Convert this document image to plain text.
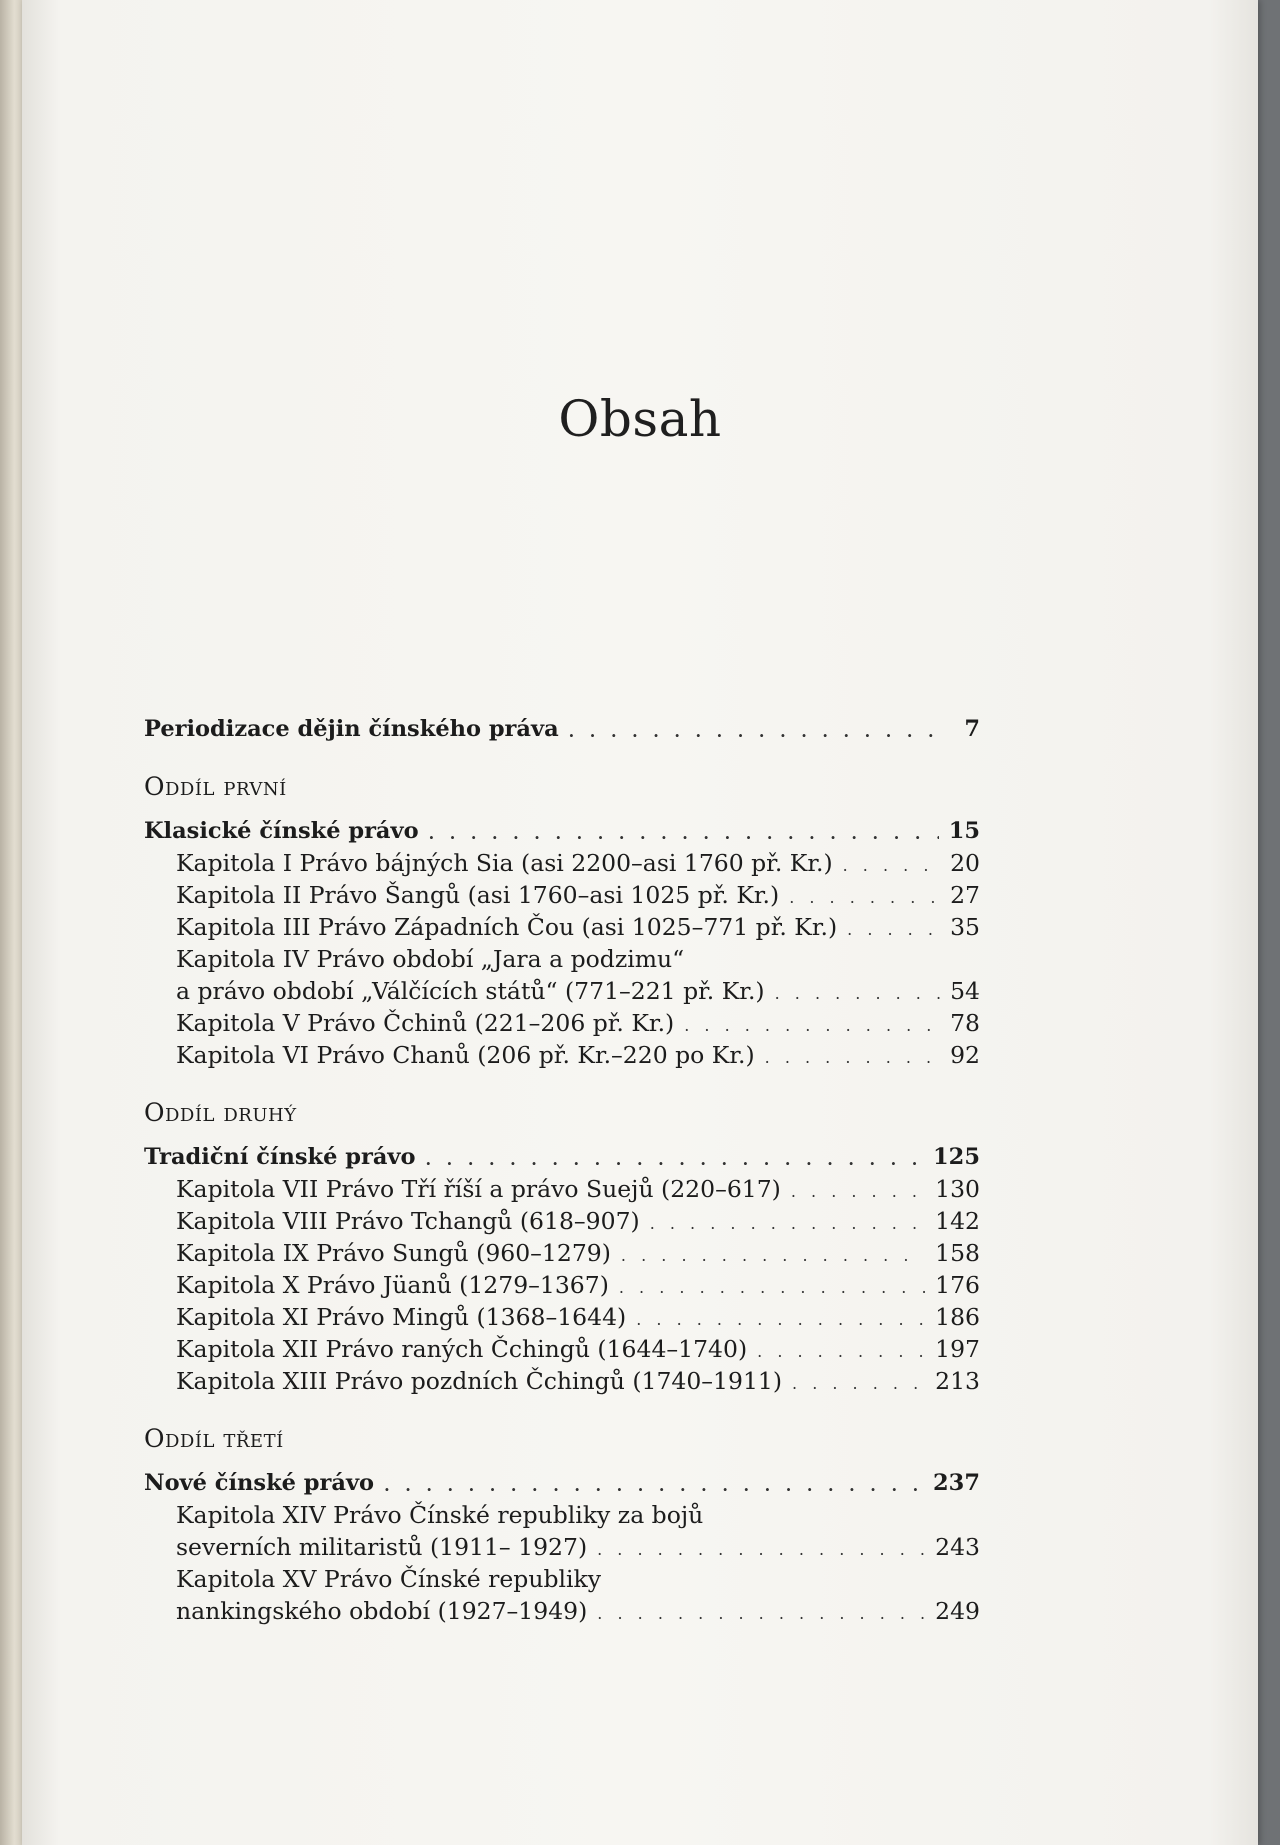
Obsah
Periodizace dějin čínského práva . . .	7
Oddíl první
Klasické čínské právo . . .	15
Kapitola I Právo bájných Sia (asi 2200–asi 1760 př. Kr.) . . .	20
Kapitola II Právo Šangů (asi 1760–asi 1025 př. Kr.) . . .	27
Kapitola III Právo Západních Čou (asi 1025–771 př. Kr.) . . .	35
Kapitola IV Právo období „Jara a podzimu“
a právo období „Válčících států“ (771–221 př. Kr.) . . .	54
Kapitola V Právo Čchinů (221–206 př. Kr.) . . .	78
Kapitola VI Právo Chanů (206 př. Kr.–220 po Kr.) . . .	92
Oddíl druhý
Tradiční čínské právo . . .	125
Kapitola VII Právo Tří říší a právo Suejů (220–617) . . .	130
Kapitola VIII Právo Tchangů (618–907) . . .	142
Kapitola IX Právo Sungů (960–1279) . . .	158
Kapitola X Právo Jüanů (1279–1367) . . .	176
Kapitola XI Právo Mingů (1368–1644) . . .	186
Kapitola XII Právo raných Čchingů (1644–1740) . . .	197
Kapitola XIII Právo pozdních Čchingů (1740–1911) . . .	213
Oddíl třetí
Nové čínské právo . . .	237
Kapitola XIV Právo Čínské republiky za bojů
severních militaristů (1911– 1927) . . .	243
Kapitola XV Právo Čínské republiky
nankingského období (1927–1949) . . .	249
